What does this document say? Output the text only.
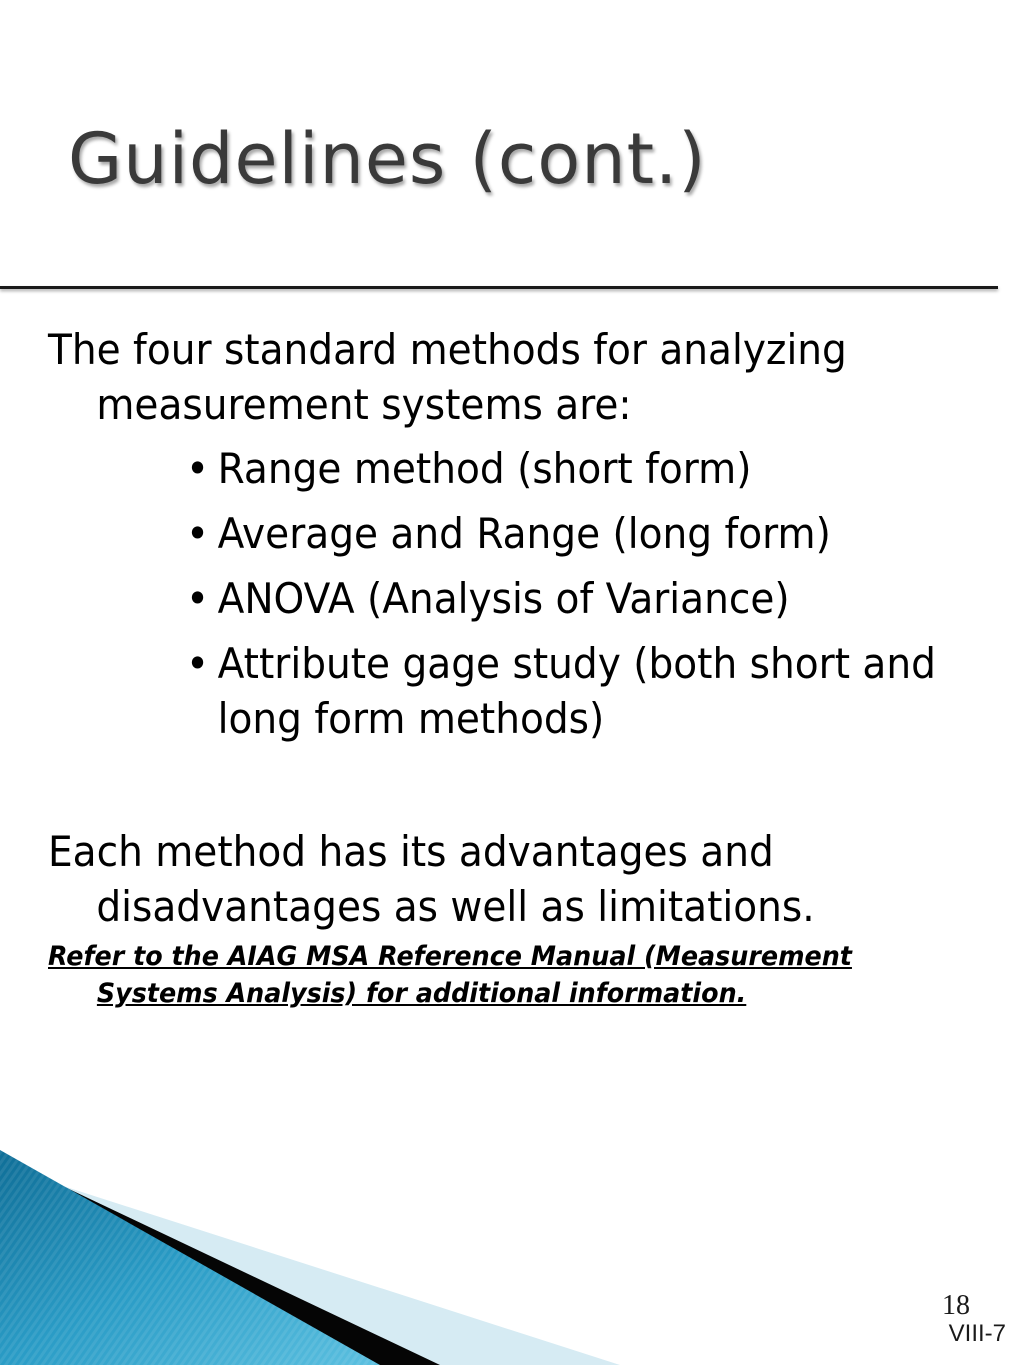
Guidelines (cont.)

The four standard methods for analyzing measurement systems are:

• Range method (short form)
• Average and Range (long form)
• ANOVA (Analysis of Variance)
• Attribute gage study (both short and long form methods)

Each method has its advantages and disadvantages as well as limitations.

Refer to the AIAG MSA Reference Manual (Measurement Systems Analysis) for additional information.

18

VIII-7
